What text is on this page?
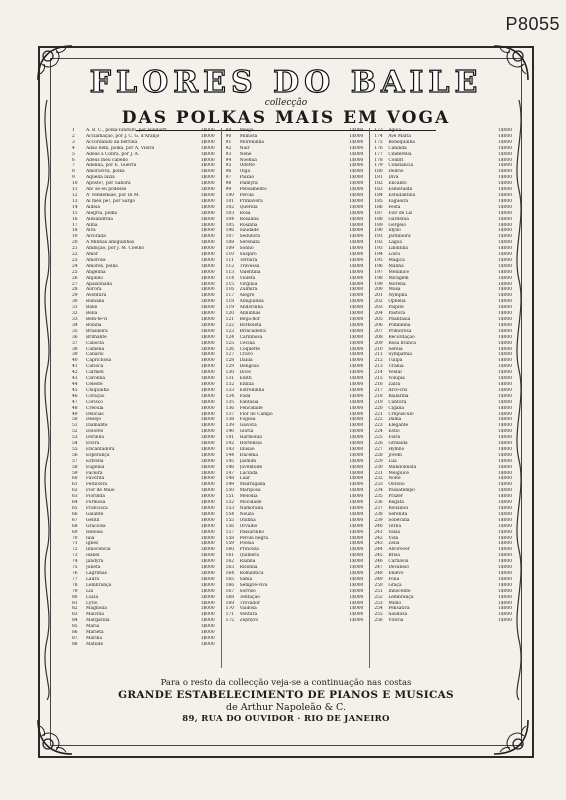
P8055
FLORES DO BAILE
collecção
DAS POLKAS MAIS EM VOGA
1	A. B. C., polka-lundum, por Hindorff	1$000
2	Acclamação, por J. C. G. d'Aranjo	1$000
3	Accordando da berrata	1$000
4	Adão bem, polka, por A. Vieira	1$000
5	Adeus à Cobra, por J. A.	1$000
6	Adeus meu cabello	1$000
7	Adelina, por E. Guerra	1$000
8	Amoraviva, polka	1$000
9	Aquella luzia	1$000
10	Aposto!, por Sabora	1$000
11	Ah! se eu podesse	1$000
12	A' vendemiae, por Di M.	1$000
13	Ai meu pé!, por Sargo	1$000
14	Aldeia	1$000
15	Alegria, polka	1$000
16	Alexandrina	1$000
17	Alma	1$000
18	Alva	1$000
19	Alvorada	1$000
20	A Minhas amiguinhas	1$000
21	Ambição, por J. M. Coelho	1$000
22	Amor	1$000
23	Amorosa	1$000
24	Amores, polka	1$000
25	Angelina	1$000
26	Anjinho	1$000
27	Apaixonada	1$000
28	Aurora	1$000
29	Aventura	1$000
30	Bahiana	1$000
31	Baile	1$000
32	Bella	1$000
33	Bem-te-vi	1$000
34	Bonina	1$000
35	Brasileira	1$000
36	Brilhante	1$000
37	Cabocla	1$000
38	Camelia	1$000
39	Canario	1$000
40	Caprichosa	1$000
41	Carioca	1$000
42	Carmen	1$000
43	Carolina	1$000
44	Celeste	1$000
45	Chiquinha	1$000
46	Coração	1$000
47	Corisco	1$000
48	Creoula	1$000
49	Delicias	1$000
50	Desejo	1$000
51	Diamante	1$000
52	Dolores	1$000
53	Dorinha	1$000
54	Elvira	1$000
55	Encantadora	1$000
56	Esperança	1$000
57	Estrella	1$000
58	Eugenia	1$000
59	Faceira	1$000
60	Favorita	1$000
61	Feiticeira	1$000
62	Flor de Maio	1$000
63	Florinda	1$000
64	Formosa	1$000
65	Francisca	1$000
66	Galante	1$000
67	Gentil	1$000
68	Graciosa	1$000
69	Heloisa	1$000
70	Iaiá	1$000
71	Ignez	1$000
72	Innocencia	1$000
73	Isabel	1$000
74	Jandyra	1$000
75	Julieta	1$000
76	Lagrimas	1$000
77	Laura	1$000
78	Lembrança	1$000
79	Lili	1$000
80	Luiza	1$000
81	Lyrio	1$000
82	Magnolia	1$000
83	Malvina	1$000
84	Margarida	1$000
85	Maria	1$000
86	Marieta	1$000
87	Marina	1$000
88	Matilde	1$000
89	Meiga	1$000
90	Mimosa	1$000
91	Moreninha	1$000
92	Nair	1$000
93	Nenê	1$000
94	Noemia	1$000
95	Odette	1$000
96	Olga	1$000
97	Paixão	1$000
98	Palmyra	1$000
99	Pensamento	1$000
100	Perola	1$000
101	Primavera	1$000
102	Querida	1$000
103	Rosa	1$000
104	Rosalina	1$000
105	Rosinha	1$000
106	Saudade	1$000
107	Sedutora	1$000
108	Serenata	1$000
109	Sonho	1$000
110	Suspiro	1$000
111	Ternura	1$000
112	Travessa	1$000
113	Valentina	1$000
114	Violeta	1$000
115	Virginia	1$000
116	Zulmira	1$000
117	Alegre	1$000
118	Amiguinha	1$000
119	Andorinha	1$000
120	Anninhas	1$000
121	Beija-flor	1$000
122	Borboleta	1$000
123	Brincadeira	1$000
124	Carinhosa	1$000
125	Cecilia	1$000
126	Coquette	1$000
127	Cravo	1$000
128	Dalila	1$000
129	Dengosa	1$000
130	Doce	1$000
131	Edith	1$000
132	Emilia	1$000
133	Estrellinha	1$000
134	Fada	1$000
135	Fantasia	1$000
136	Felicidade	1$000
137	Flor do Campo	1$000
138	Fogosa	1$000
139	Gaivota	1$000
140	Gloria	1$000
141	Harmonia	1$000
142	Hortensia	1$000
143	Illusão	1$000
144	Iracema	1$000
145	Jasmim	1$000
146	Juventude	1$000
147	Lucinda	1$000
148	Luar	1$000
149	Madrugada	1$000
150	Mariposa	1$000
151	Melodia	1$000
152	Mocidade	1$000
153	Namorada	1$000
154	Neuza	1$000
155	Ondina	1$000
156	Orvalho	1$000
157	Passarinho	1$000
158	Pérola negra	1$000
159	Poesia	1$000
160	Princeza	1$000
161	Quimera	1$000
162	Rainha	1$000
163	Risonha	1$000
164	Romantica	1$000
165	Sabiá	1$000
166	Sempre-viva	1$000
167	Sorriso	1$000
168	Tentação	1$000
169	Trovador	1$000
170	Vaidosa	1$000
171	Ventura	1$000
172	Zephyro	1$000
173	Aguia	1$000
174	Ave Maria	1$000
175	Bonequinha	1$000
176	Candida	1$000
177	Cinderella	1$000
178	Colibri	1$000
179	Constancia	1$000
180	Delirio	1$000
181	Diva	1$000
182	Encanto	1$000
183	Esmeralda	1$000
184	Estudantina	1$000
185	Fagueira	1$000
186	Festa	1$000
187	Flor de Lis	1$000
188	Gardenia	1$000
189	Gorgeio	1$000
190	Idylio	1$000
191	Jardineira	1$000
192	Lagoa	1$000
193	Lindinha	1$000
194	Loira	1$000
195	Magica	1$000
196	Manhã	1$000
197	Meninice	1$000
198	Miragem	1$000
199	Morena	1$000
200	Musa	1$000
201	Nympha	1$000
202	Ophelia	1$000
203	Palpite	1$000
204	Pastora	1$000
205	Phantasia	1$000
206	Pombinha	1$000
207	Primorosa	1$000
208	Recordação	1$000
209	Rosa branca	1$000
210	Sereia	1$000
211	Sympathia	1$000
212	Tulipa	1$000
213	Urania	1$000
214	Vestal	1$000
215	Volupia	1$000
216	Zaira	1$000
217	Arco-iris	1$000
218	Bailarina	1$000
219	Cantora	1$000
220	Cigana	1$000
221	Crepusculo	1$000
222	Dama	1$000
223	Elegante	1$000
224	Estio	1$000
225	Flora	1$000
226	Grinalda	1$000
227	Hymno	1$000
228	Jovem	1$000
229	Lua	1$000
230	Mandolinata	1$000
231	Meiguice	1$000
232	Noite	1$000
233	Outono	1$000
234	Passatempo	1$000
235	Prazer	1$000
236	Regata	1$000
237	Rouxinol	1$000
238	Serenita	1$000
239	Soberana	1$000
240	Terna	1$000
241	Valsa	1$000
242	Vida	1$000
243	Zelia	1$000
244	Alvorecer	1$000
245	Brisa	1$000
246	Carnaval	1$000
247	Devaneio	1$000
248	Enlevo	1$000
249	Folia	1$000
250	Graça	1$000
251	Innocente	1$000
252	Lembrança	1$000
253	Mimo	1$000
254	Pensativa	1$000
255	Saudosa	1$000
256	Vitoria	1$000
Para o resto da collecção veja-se a continuação nas costas
GRANDE ESTABELECIMENTO DE PIANOS E MUSICAS
de Arthur Napoleão & C.
89, RUA DO OUVIDOR · RIO DE JANEIRO
